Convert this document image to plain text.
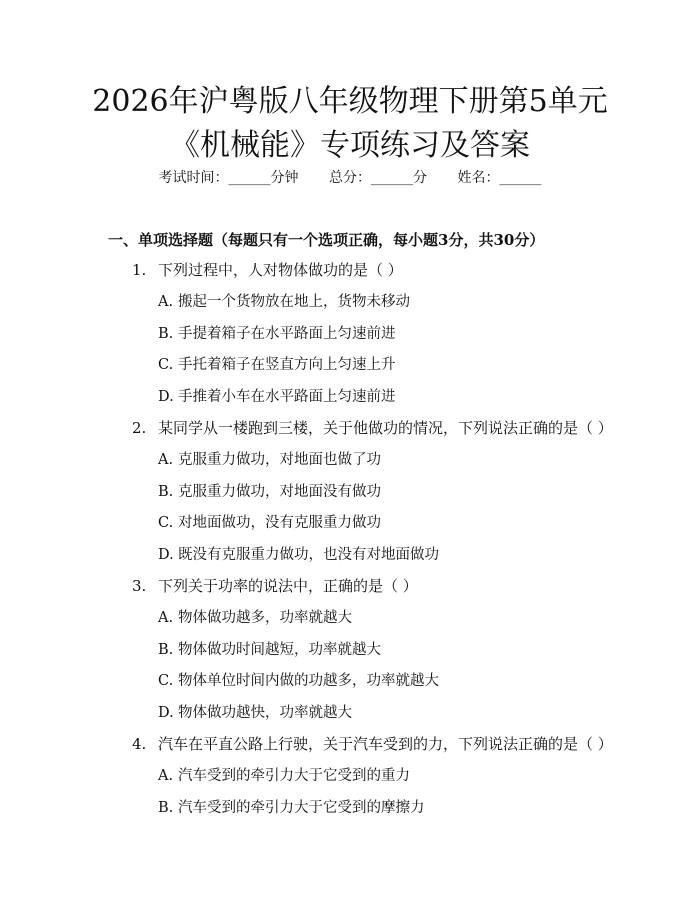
2026年沪粤版八年级物理下册第5单元《机械能》专项练习及答案
考试时间：______分钟 总分：______分 姓名：______
一、单项选择题（每题只有一个选项正确，每小题3分，共30分）
1. 下列过程中，人对物体做功的是（ ）
A. 搬起一个货物放在地上，货物未移动
B. 手提着箱子在水平路面上匀速前进
C. 手托着箱子在竖直方向上匀速上升
D. 手推着小车在水平路面上匀速前进
2. 某同学从一楼跑到三楼，关于他做功的情况，下列说法正确的是（ ）
A. 克服重力做功，对地面也做了功
B. 克服重力做功，对地面没有做功
C. 对地面做功，没有克服重力做功
D. 既没有克服重力做功，也没有对地面做功
3. 下列关于功率的说法中，正确的是（ ）
A. 物体做功越多，功率就越大
B. 物体做功时间越短，功率就越大
C. 物体单位时间内做的功越多，功率就越大
D. 物体做功越快，功率就越大
4. 汽车在平直公路上行驶，关于汽车受到的力，下列说法正确的是（ ）
A. 汽车受到的牵引力大于它受到的重力
B. 汽车受到的牵引力大于它受到的摩擦力
